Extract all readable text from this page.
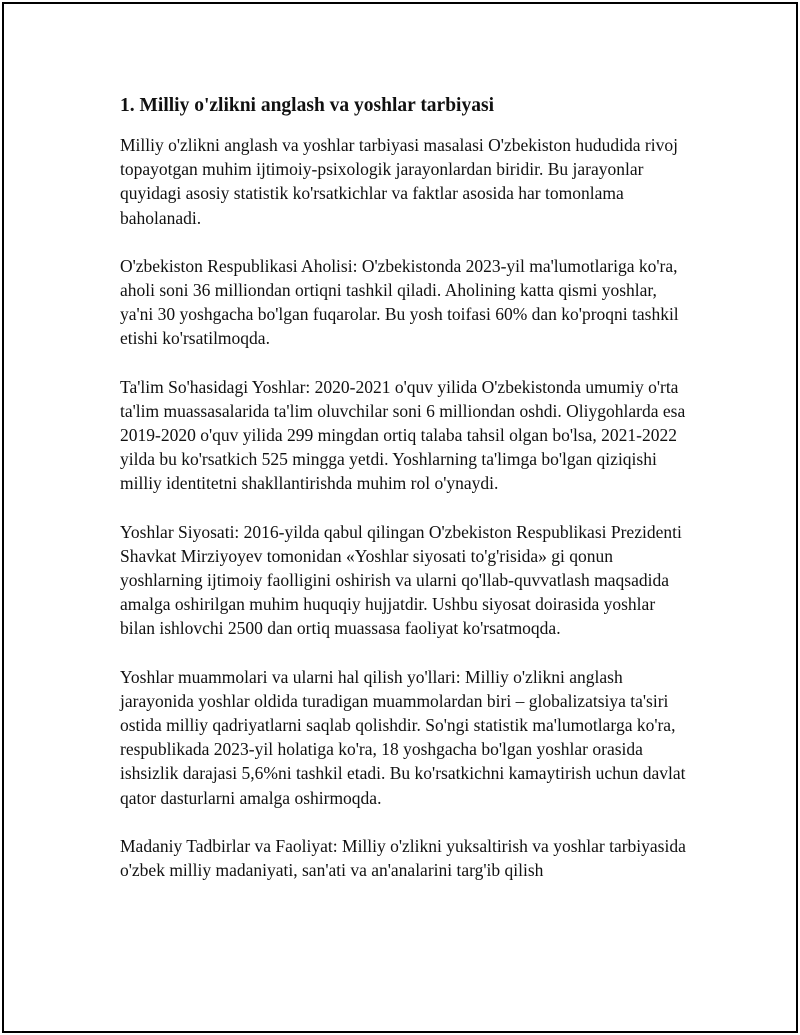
1. Milliy o'zlikni anglash va yoshlar tarbiyasi

Milliy o'zlikni anglash va yoshlar tarbiyasi masalasi O'zbekiston hududida rivoj topayotgan muhim ijtimoiy-psixologik jarayonlardan biridir. Bu jarayonlar quyidagi asosiy statistik ko'rsatkichlar va faktlar asosida har tomonlama baholanadi.

O'zbekiston Respublikasi Aholisi: O'zbekistonda 2023-yil ma'lumotlariga ko'ra, aholi soni 36 milliondan ortiqni tashkil qiladi. Aholining katta qismi yoshlar, ya'ni 30 yoshgacha bo'lgan fuqarolar. Bu yosh toifasi 60% dan ko'proqni tashkil etishi ko'rsatilmoqda.

Ta'lim So'hasidagi Yoshlar: 2020-2021 o'quv yilida O'zbekistonda umumiy o'rta ta'lim muassasalarida ta'lim oluvchilar soni 6 milliondan oshdi. Oliygohlarda esa 2019-2020 o'quv yilida 299 mingdan ortiq talaba tahsil olgan bo'lsa, 2021-2022 yilda bu ko'rsatkich 525 mingga yetdi. Yoshlarning ta'limga bo'lgan qiziqishi milliy identitetni shakllantirishda muhim rol o'ynaydi.

Yoshlar Siyosati: 2016-yilda qabul qilingan O'zbekiston Respublikasi Prezidenti Shavkat Mirziyoyev tomonidan «Yoshlar siyosati to'g'risida» gi qonun yoshlarning ijtimoiy faolligini oshirish va ularni qo'llab-quvvatlash maqsadida amalga oshirilgan muhim huquqiy hujjatdir. Ushbu siyosat doirasida yoshlar bilan ishlovchi 2500 dan ortiq muassasa faoliyat ko'rsatmoqda.

Yoshlar muammolari va ularni hal qilish yo'llari: Milliy o'zlikni anglash jarayonida yoshlar oldida turadigan muammolardan biri – globalizatsiya ta'siri ostida milliy qadriyatlarni saqlab qolishdir. So'ngi statistik ma'lumotlarga ko'ra, respublikada 2023-yil holatiga ko'ra, 18 yoshgacha bo'lgan yoshlar orasida ishsizlik darajasi 5,6%ni tashkil etadi. Bu ko'rsatkichni kamaytirish uchun davlat qator dasturlarni amalga oshirmoqda.

Madaniy Tadbirlar va Faoliyat: Milliy o'zlikni yuksaltirish va yoshlar tarbiyasida o'zbek milliy madaniyati, san'ati va an'analarini targ'ib qilish
